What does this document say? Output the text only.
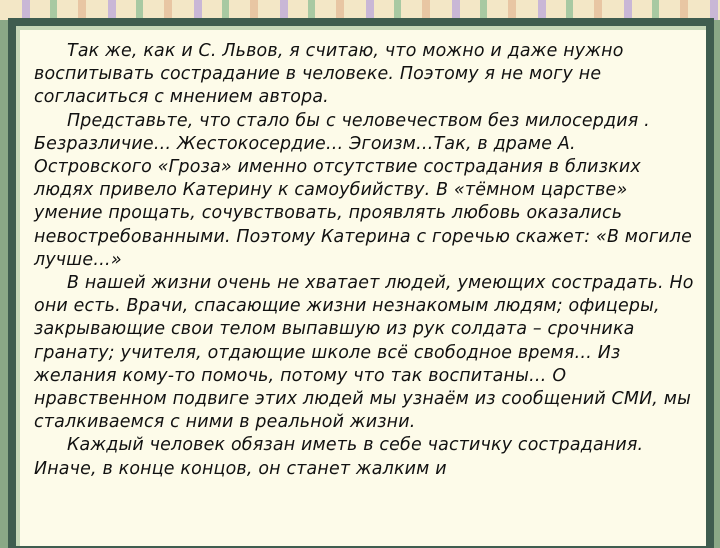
Так же, как и С. Львов, я считаю, что можно и даже нужно воспитывать сострадание в человеке. Поэтому я не могу не согласиться с мнением автора.

Представьте, что стало бы с человечеством без милосердия . Безразличие… Жестокосердие… Эгоизм…Так, в драме А. Островского «Гроза» именно отсутствие сострадания в близких людях привело Катерину к самоубийству. В «тёмном царстве» умение прощать, сочувствовать, проявлять любовь оказались невостребованными. Поэтому Катерина с горечью скажет: «В могиле лучше…»

В нашей жизни очень не хватает людей, умеющих сострадать. Но они есть. Врачи, спасающие жизни незнакомым людям; офицеры, закрывающие свои телом выпавшую из рук солдата – срочника гранату; учителя, отдающие школе всё свободное время… Из желания кому-то помочь, потому что так воспитаны… О нравственном подвиге этих людей мы узнаём из сообщений СМИ, мы сталкиваемся с ними в реальной жизни.

Каждый человек обязан иметь в себе частичку сострадания. Иначе, в конце концов, он станет жалким и
